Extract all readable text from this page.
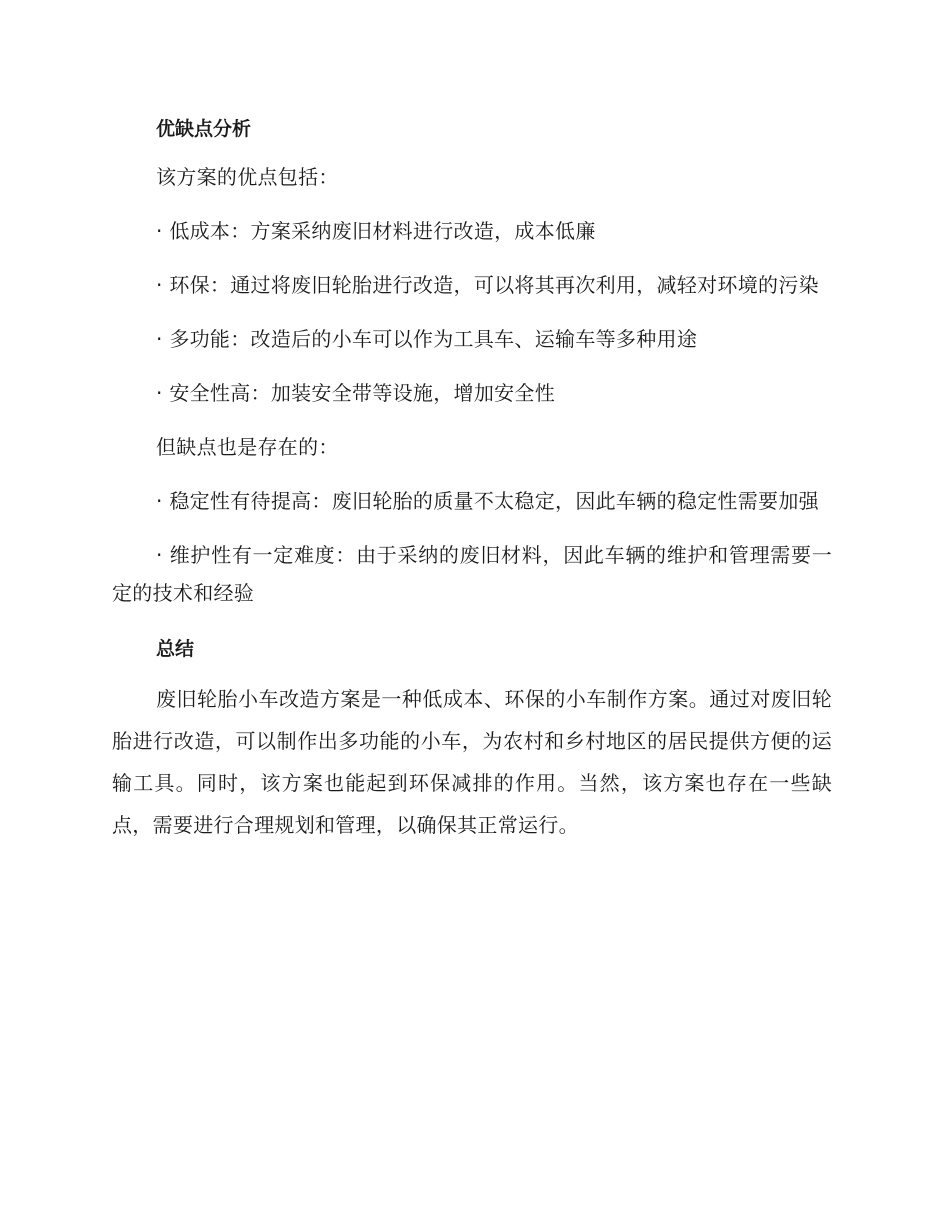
优缺点分析

该方案的优点包括：

· 低成本：方案采纳废旧材料进行改造，成本低廉

· 环保：通过将废旧轮胎进行改造，可以将其再次利用，减轻对环境的污染

· 多功能：改造后的小车可以作为工具车、运输车等多种用途

· 安全性高：加装安全带等设施，增加安全性

但缺点也是存在的：

· 稳定性有待提高：废旧轮胎的质量不太稳定，因此车辆的稳定性需要加强

· 维护性有一定难度：由于采纳的废旧材料，因此车辆的维护和管理需要一定的技术和经验

总结

废旧轮胎小车改造方案是一种低成本、环保的小车制作方案。通过对废旧轮胎进行改造，可以制作出多功能的小车，为农村和乡村地区的居民提供方便的运输工具。同时，该方案也能起到环保减排的作用。当然，该方案也存在一些缺点，需要进行合理规划和管理，以确保其正常运行。
